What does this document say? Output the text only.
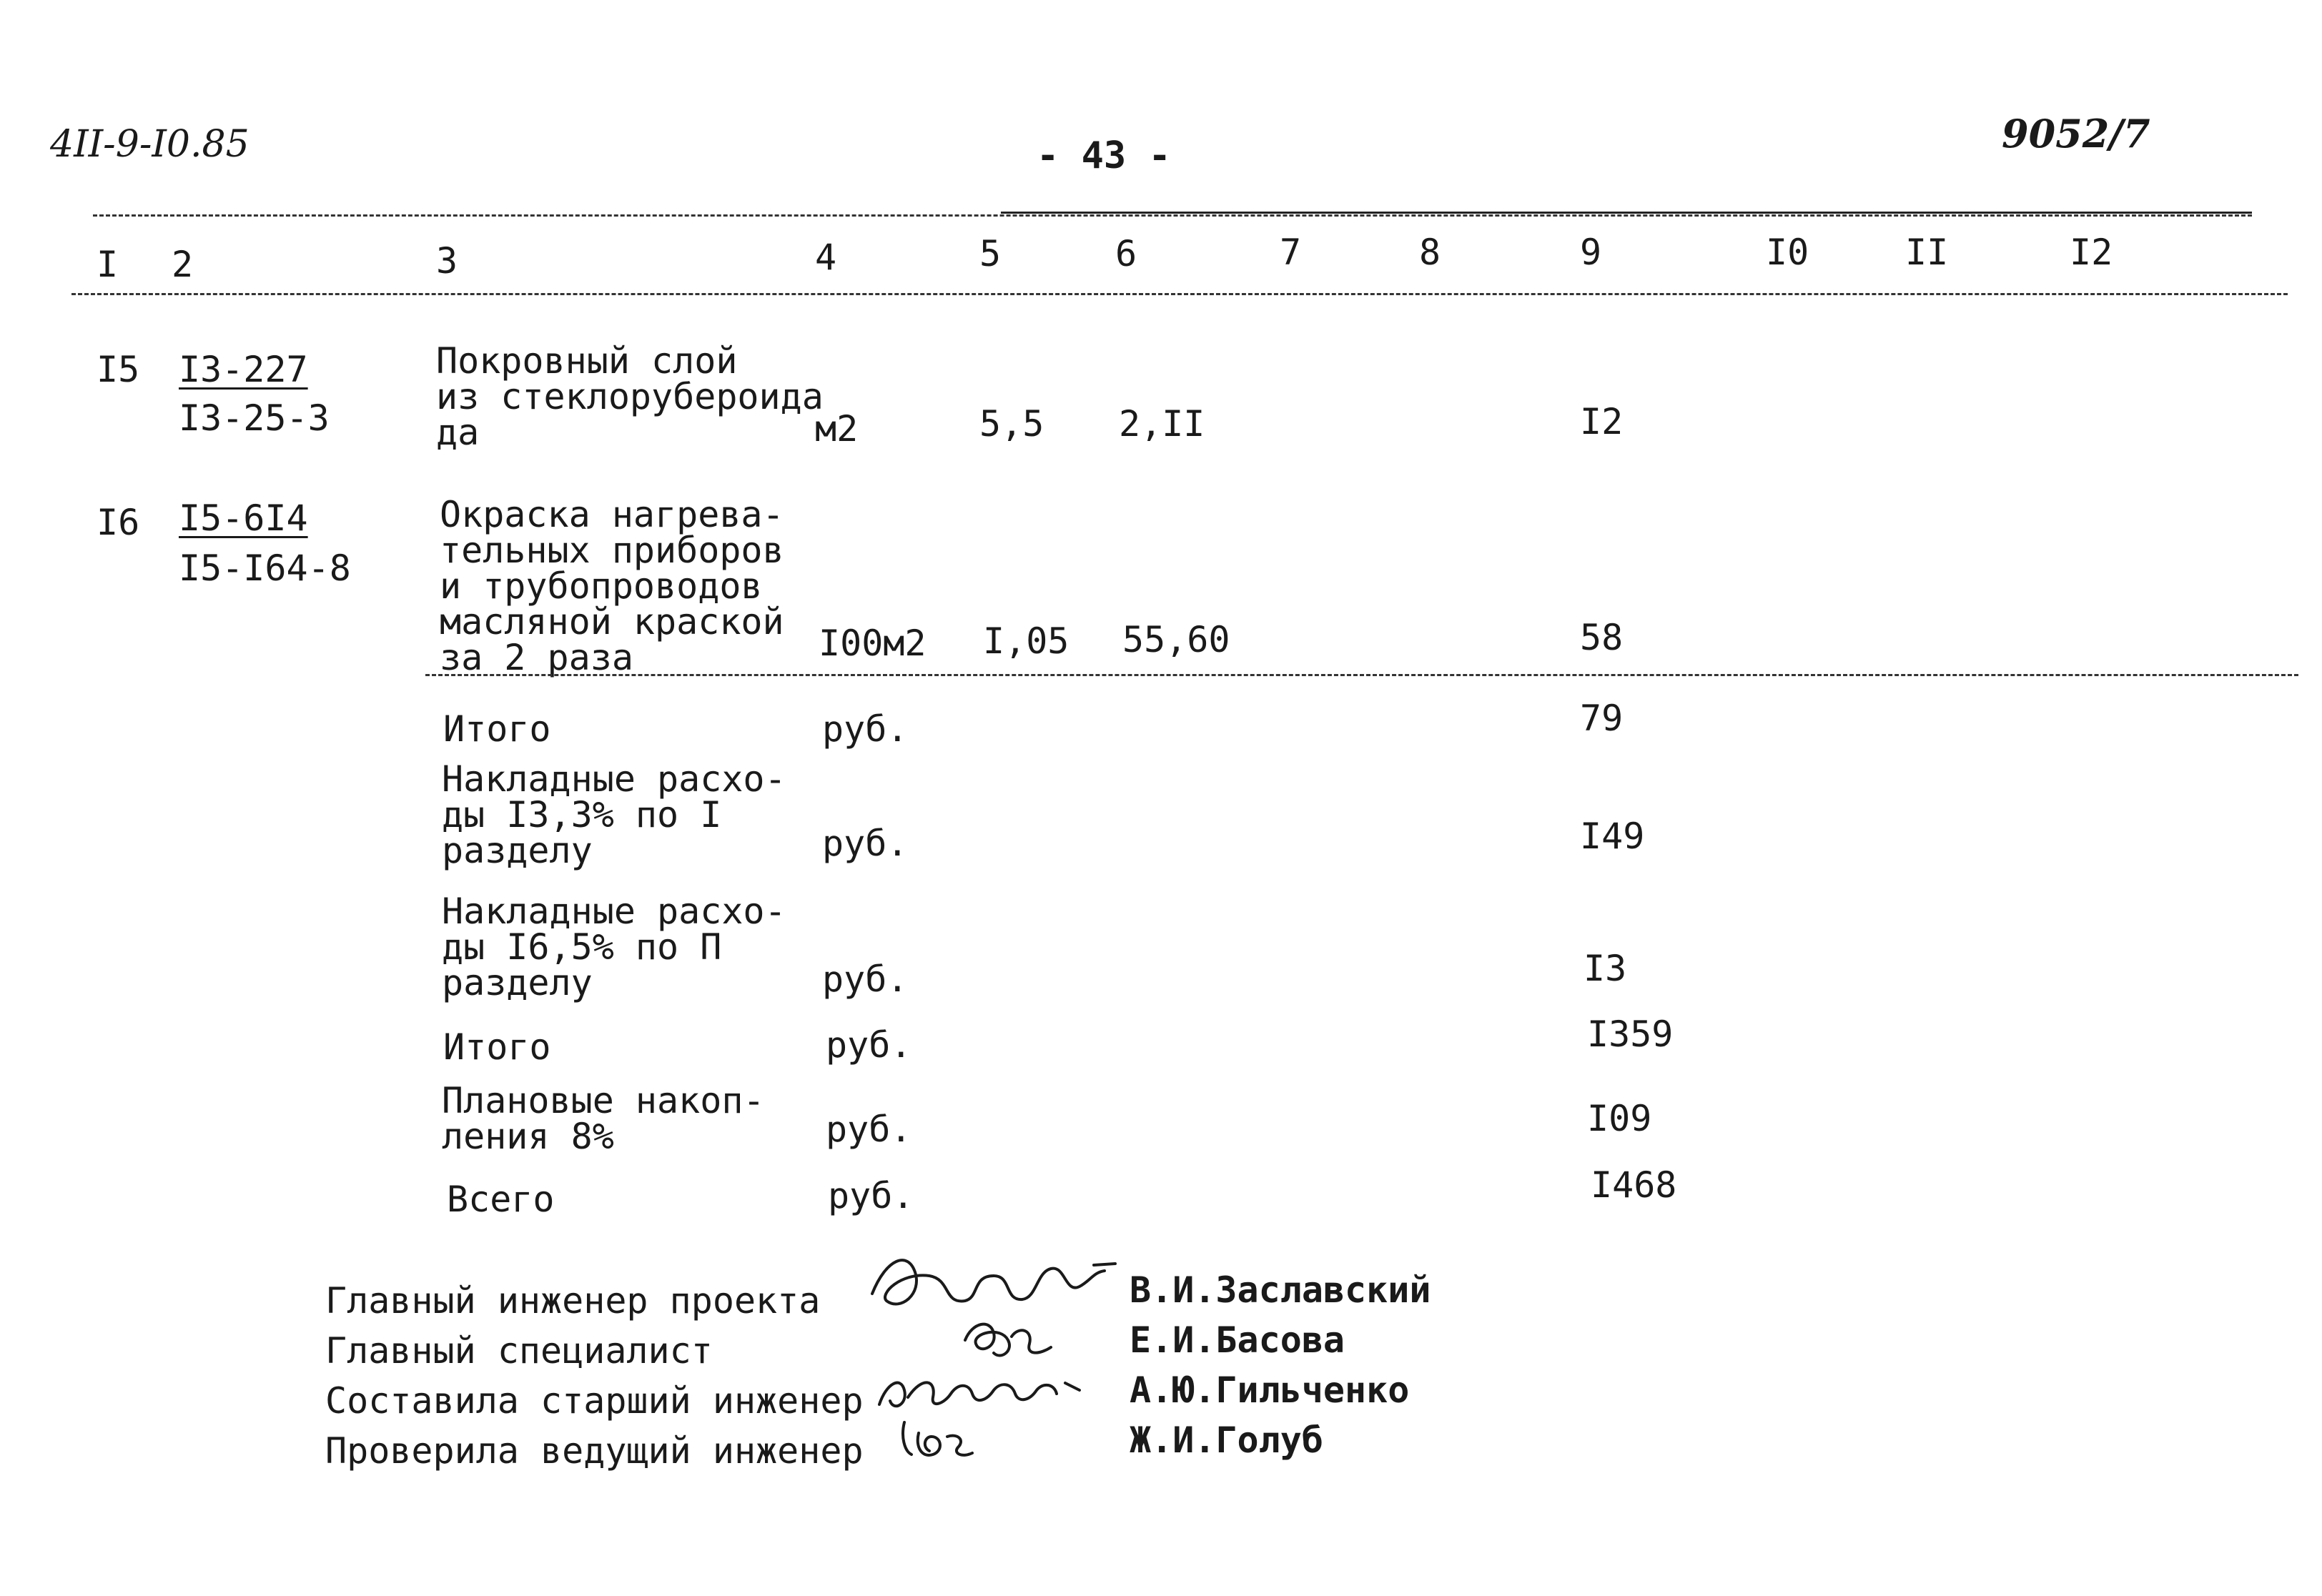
4II-9-I0.85	- 43 -	9052/7
I 2	3	4	5	6	7	8	9	I0	II	I2
I5 I3-227
I3-25-3
Покровный слой
из стеклорубероида
да	м2	5,5 2,II	I2
I6 I5-6I4
I5-I64-8
Окраска нагрева-
тельных приборов
и трубопроводов
масляной краской
за 2 раза	I00м2 I,05 55,60	58
Итого	руб.	79
Накладные расхо-
ды I3,3% по I
разделу	руб.	I49
Накладные расхо-
ды I6,5% по П
разделу	руб.	I3
Итого	руб.	I359
Плановые накоп-
ления 8%	руб.	I09
Всего	руб.	I468
Главный инженер проекта
Главный специалист
Составила старший инженер
Проверила ведущий инженер
В.И.Заславский
Е.И.Басова
А.Ю.Гильченко
Ж.И.Голуб
